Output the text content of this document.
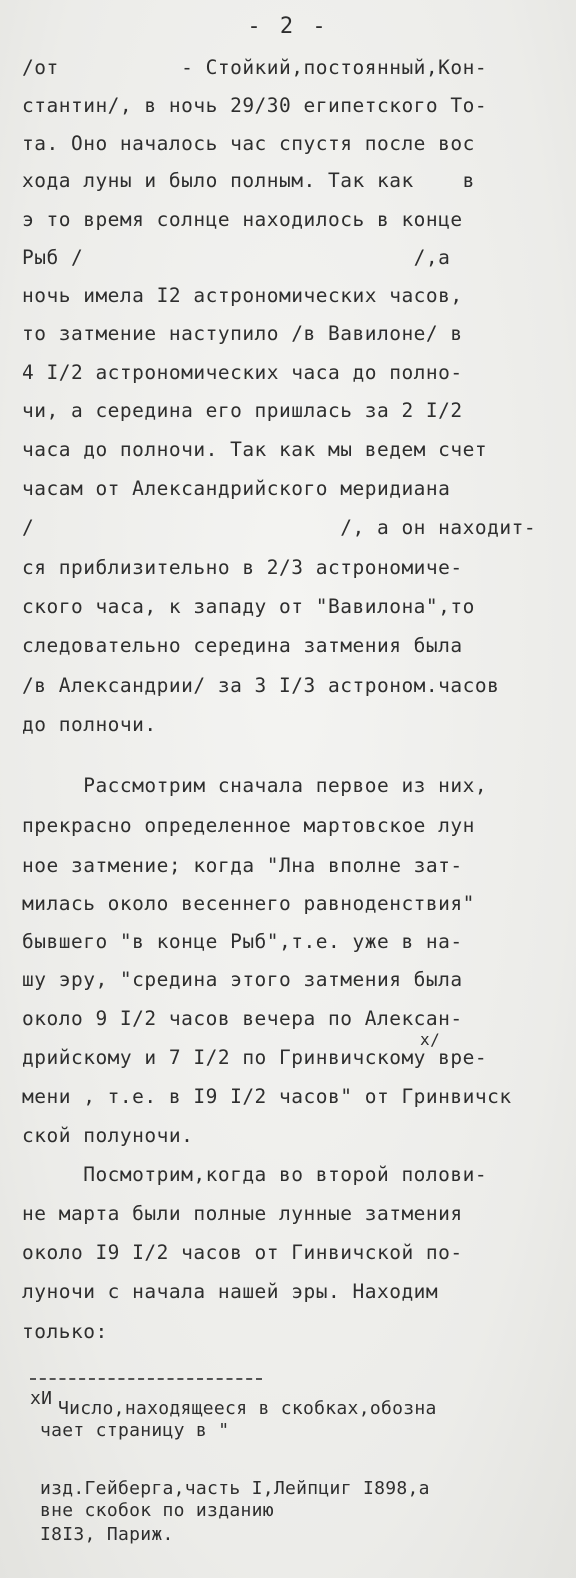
- 2 -
/от          - Стойкий,постоянный,Кон-
стантин/, в ночь 29/30 египетского То-
та. Оно началось час спустя после вос
хода луны и было полным. Так как    в
э то время солнце находилось в конце
Рыб /                           /,а
ночь имела I2 астрономических часов,
то затмение наступило /в Вавилоне/ в
4 I/2 астрономических часа до полно-
чи, а середина его пришлась за 2 I/2
часа до полночи. Так как мы ведем счет
часам от Александрийского меридиана
/                         /, а он находит-
ся приблизительно в 2/3 астрономиче-
ского часа, к западу от "Вавилона",то
следовательно середина затмения была
/в Александрии/ за 3 I/3 астроном.часов
до полночи.
Рассмотрим сначала первое из них,
прекрасно определенное мартовское лун
ное затмение; когда "Лна вполне зат-
милась около весеннего равноденствия"
бывшего "в конце Рыб",т.е. уже в на-
шу эру, "средина этого затмения была
около 9 I/2 часов вечера по Алексан-
x/
дрийскому и 7 I/2 по Гринвичскому вре-
мени , т.е. в I9 I/2 часов" от Гринвичск
ской полуночи.
Посмотрим,когда во второй полови-
не марта были полные лунные затмения
около I9 I/2 часов от Гинвичской по-
луночи с начала нашей эры. Находим
только:
хИ Число,находящееся в скобках,обозна
чает страницу в "
изд.Гейберга,часть I,Лейпциг I898,а
вне скобок по изданию
I8I3, Париж.
